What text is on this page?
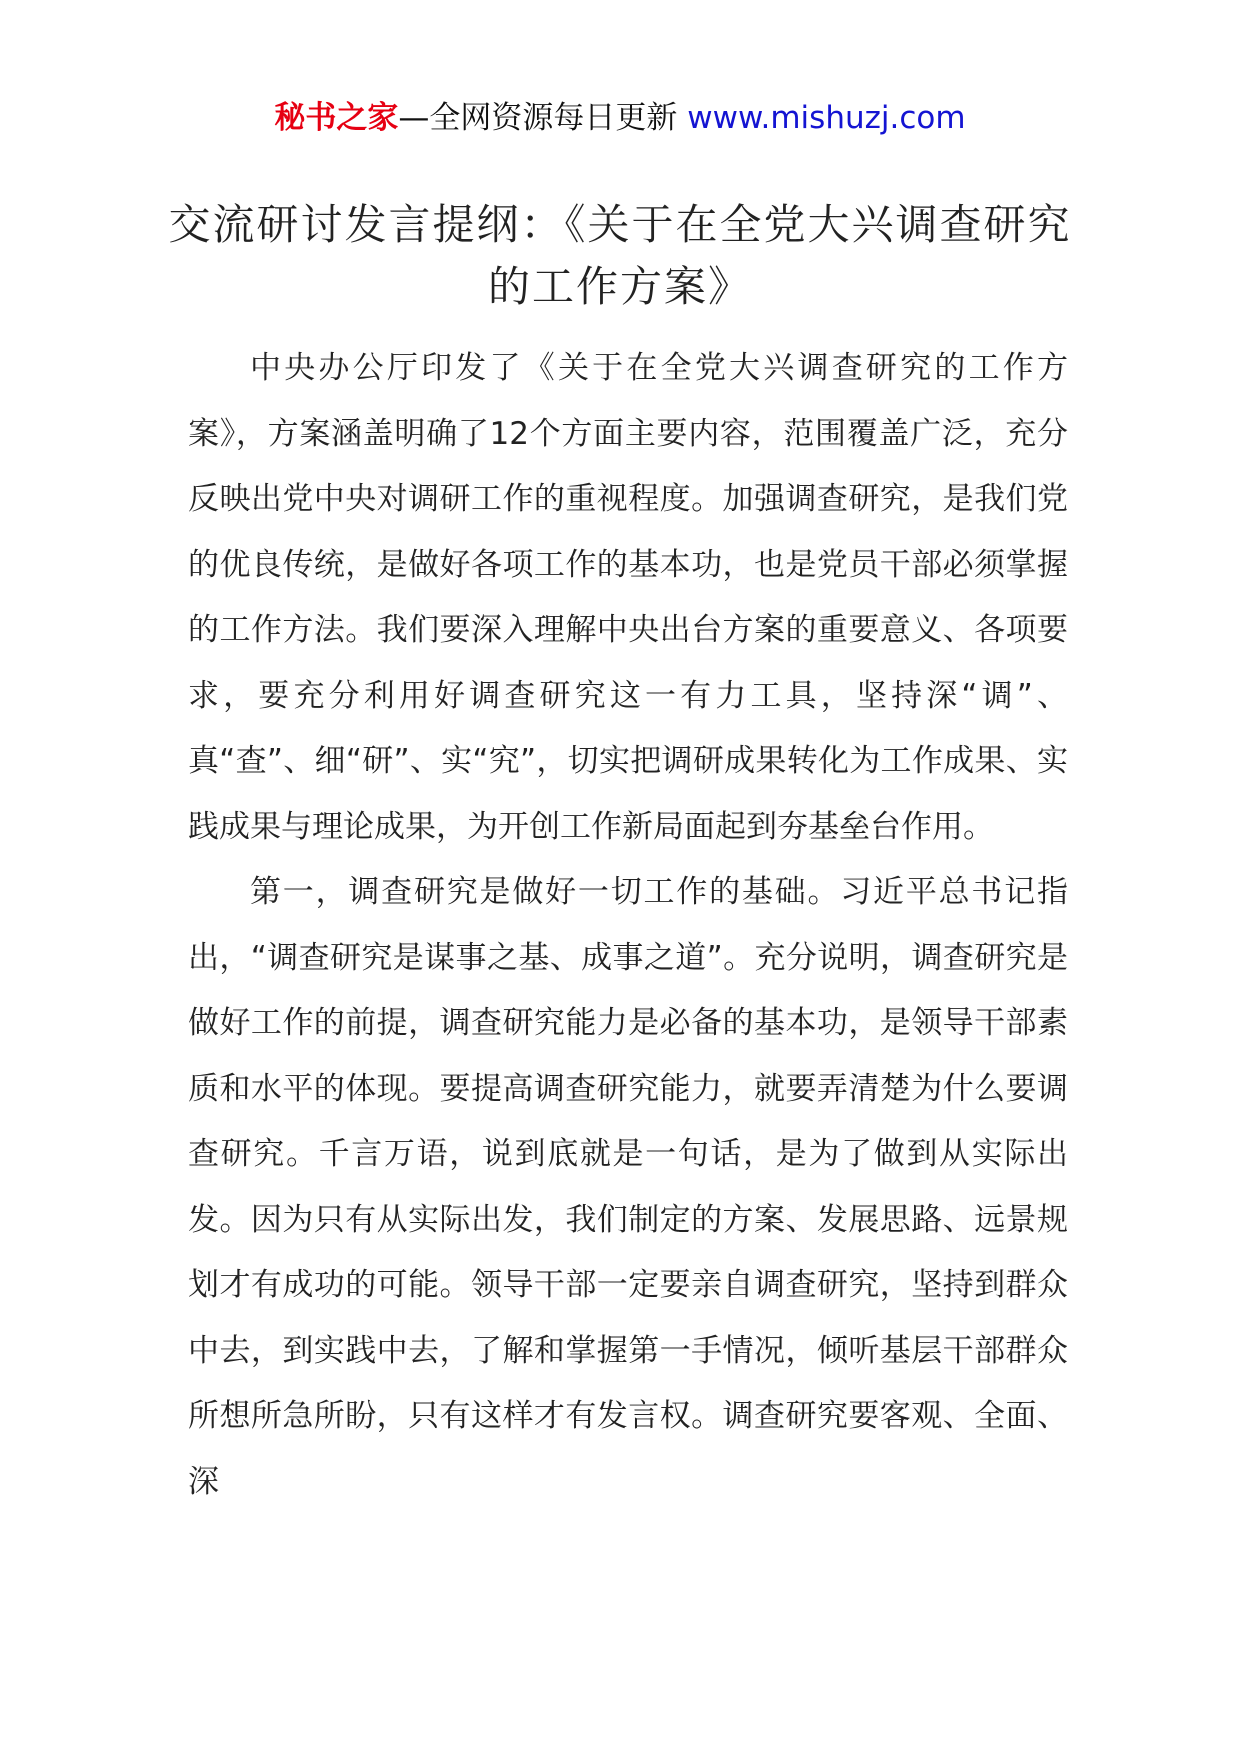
秘书之家—全网资源每日更新 www.mishuzj.com
交流研讨发言提纲：《关于在全党大兴调查研究的工作方案》

中央办公厅印发了《关于在全党大兴调查研究的工作方案》，方案涵盖明确了12个方面主要内容，范围覆盖广泛，充分反映出党中央对调研工作的重视程度。加强调查研究，是我们党的优良传统，是做好各项工作的基本功，也是党员干部必须掌握的工作方法。我们要深入理解中央出台方案的重要意义、各项要求，要充分利用好调查研究这一有力工具，坚持深“调”、真“查”、细“研”、实“究”，切实把调研成果转化为工作成果、实践成果与理论成果，为开创工作新局面起到夯基垒台作用。

第一，调查研究是做好一切工作的基础。习近平总书记指出，“调查研究是谋事之基、成事之道”。充分说明，调查研究是做好工作的前提，调查研究能力是必备的基本功，是领导干部素质和水平的体现。要提高调查研究能力，就要弄清楚为什么要调查研究。千言万语，说到底就是一句话，是为了做到从实际出发。因为只有从实际出发，我们制定的方案、发展思路、远景规划才有成功的可能。领导干部一定要亲自调查研究，坚持到群众中去，到实践中去，了解和掌握第一手情况，倾听基层干部群众所想所急所盼，只有这样才有发言权。调查研究要客观、全面、深
